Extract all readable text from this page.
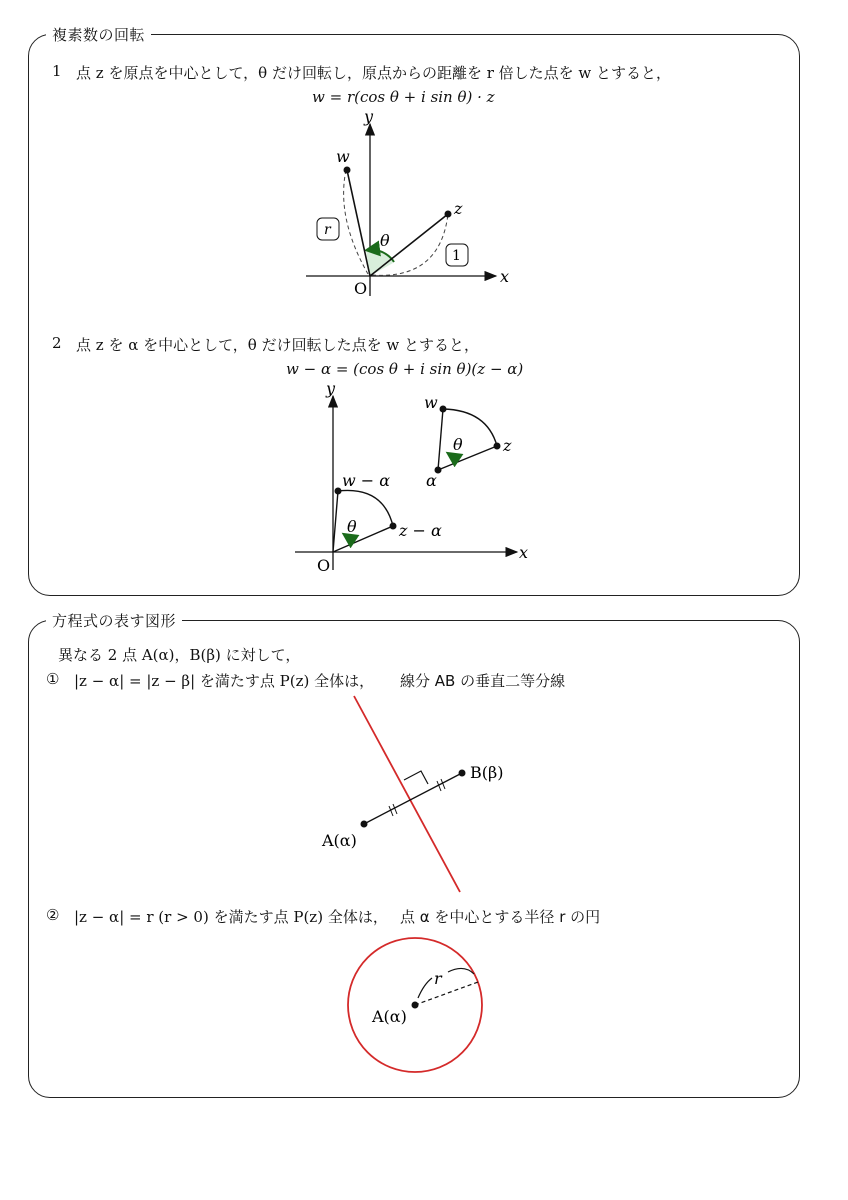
複素数の回転
1 点 z を原点を中心として，θ だけ回転し，原点からの距離を r 倍した点を w とすると，
w = r(cos θ + i sin θ) · z
y
x
O
w
z
θ
r
1
2 点 z を α を中心として，θ だけ回転した点を w とすると，
w − α = (cos θ + i sin θ)(z − α)
y
x
O
w − α
z − α
θ
w
z
α
θ
方程式の表す図形
異なる 2 点 A(α)，B(β) に対して，
① |z − α| = |z − β| を満たす点 P(z) 全体は， 線分 AB の垂直二等分線
A(α)
B(β)
② |z − α| = r (r > 0) を満たす点 P(z) 全体は， 点 α を中心とする半径 r の円
r
A(α)
